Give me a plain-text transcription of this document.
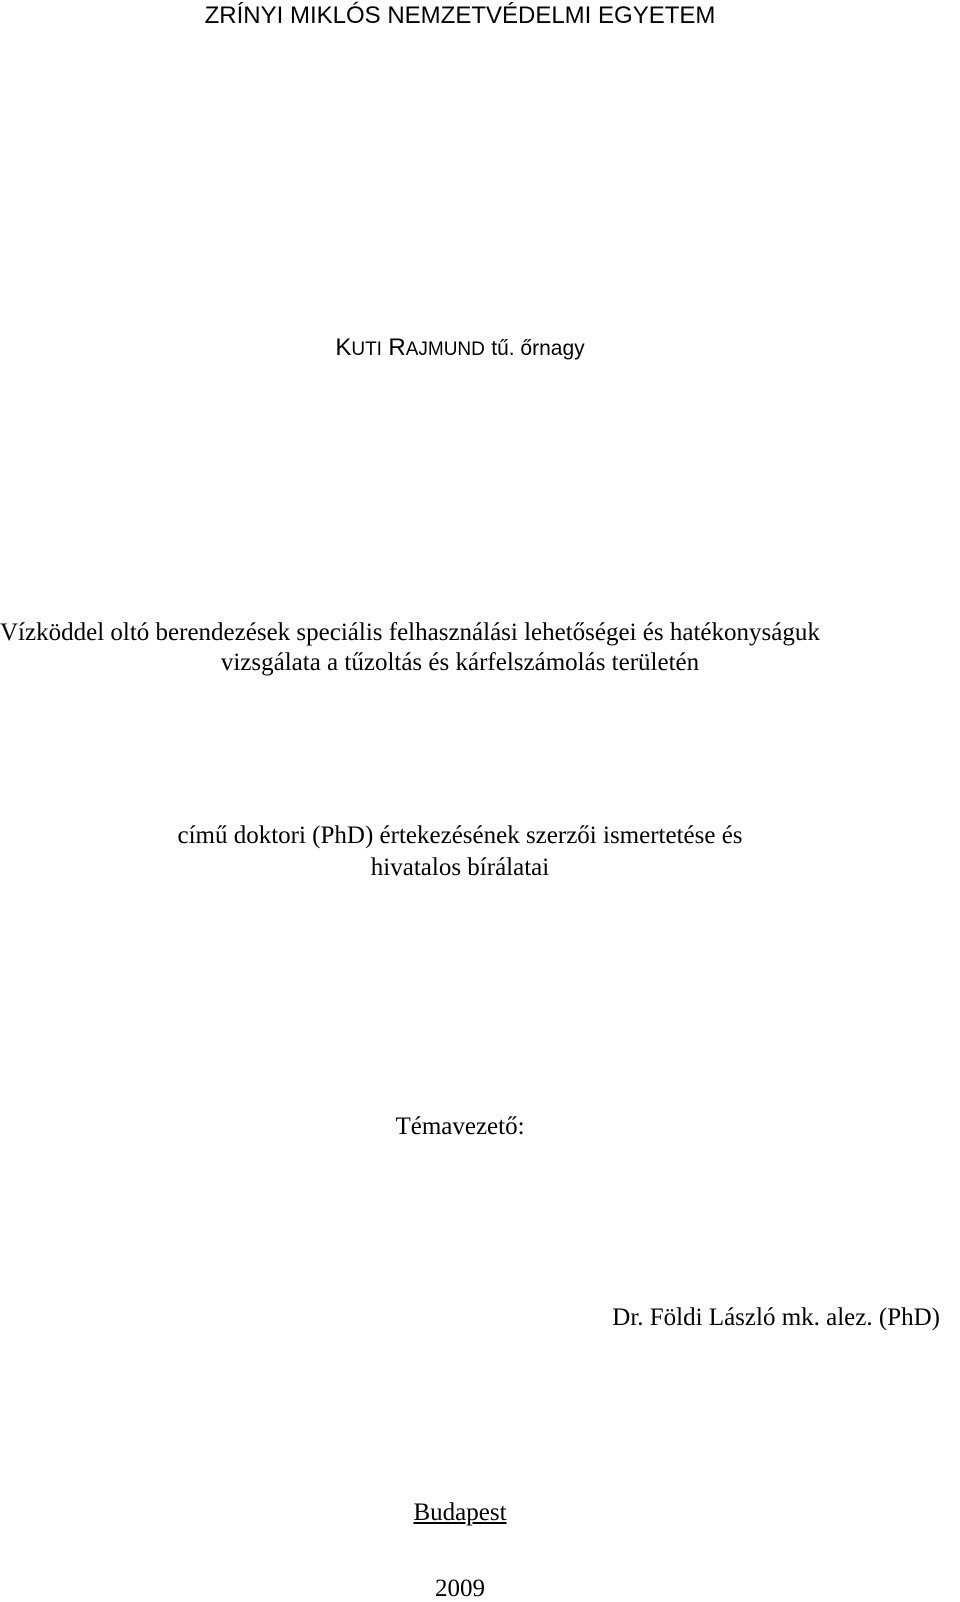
ZRÍNYI MIKLÓS NEMZETVÉDELMI EGYETEM
KUTI RAJMUND tű. őrnagy
Vízköddel oltó berendezések speciális felhasználási lehetőségei és hatékonyságuk
vizsgálata a tűzoltás és kárfelszámolás területén
című doktori (PhD) értekezésének szerzői ismertetése és
hivatalos bírálatai
Témavezető:
Dr. Földi László mk. alez. (PhD)
Budapest
2009
